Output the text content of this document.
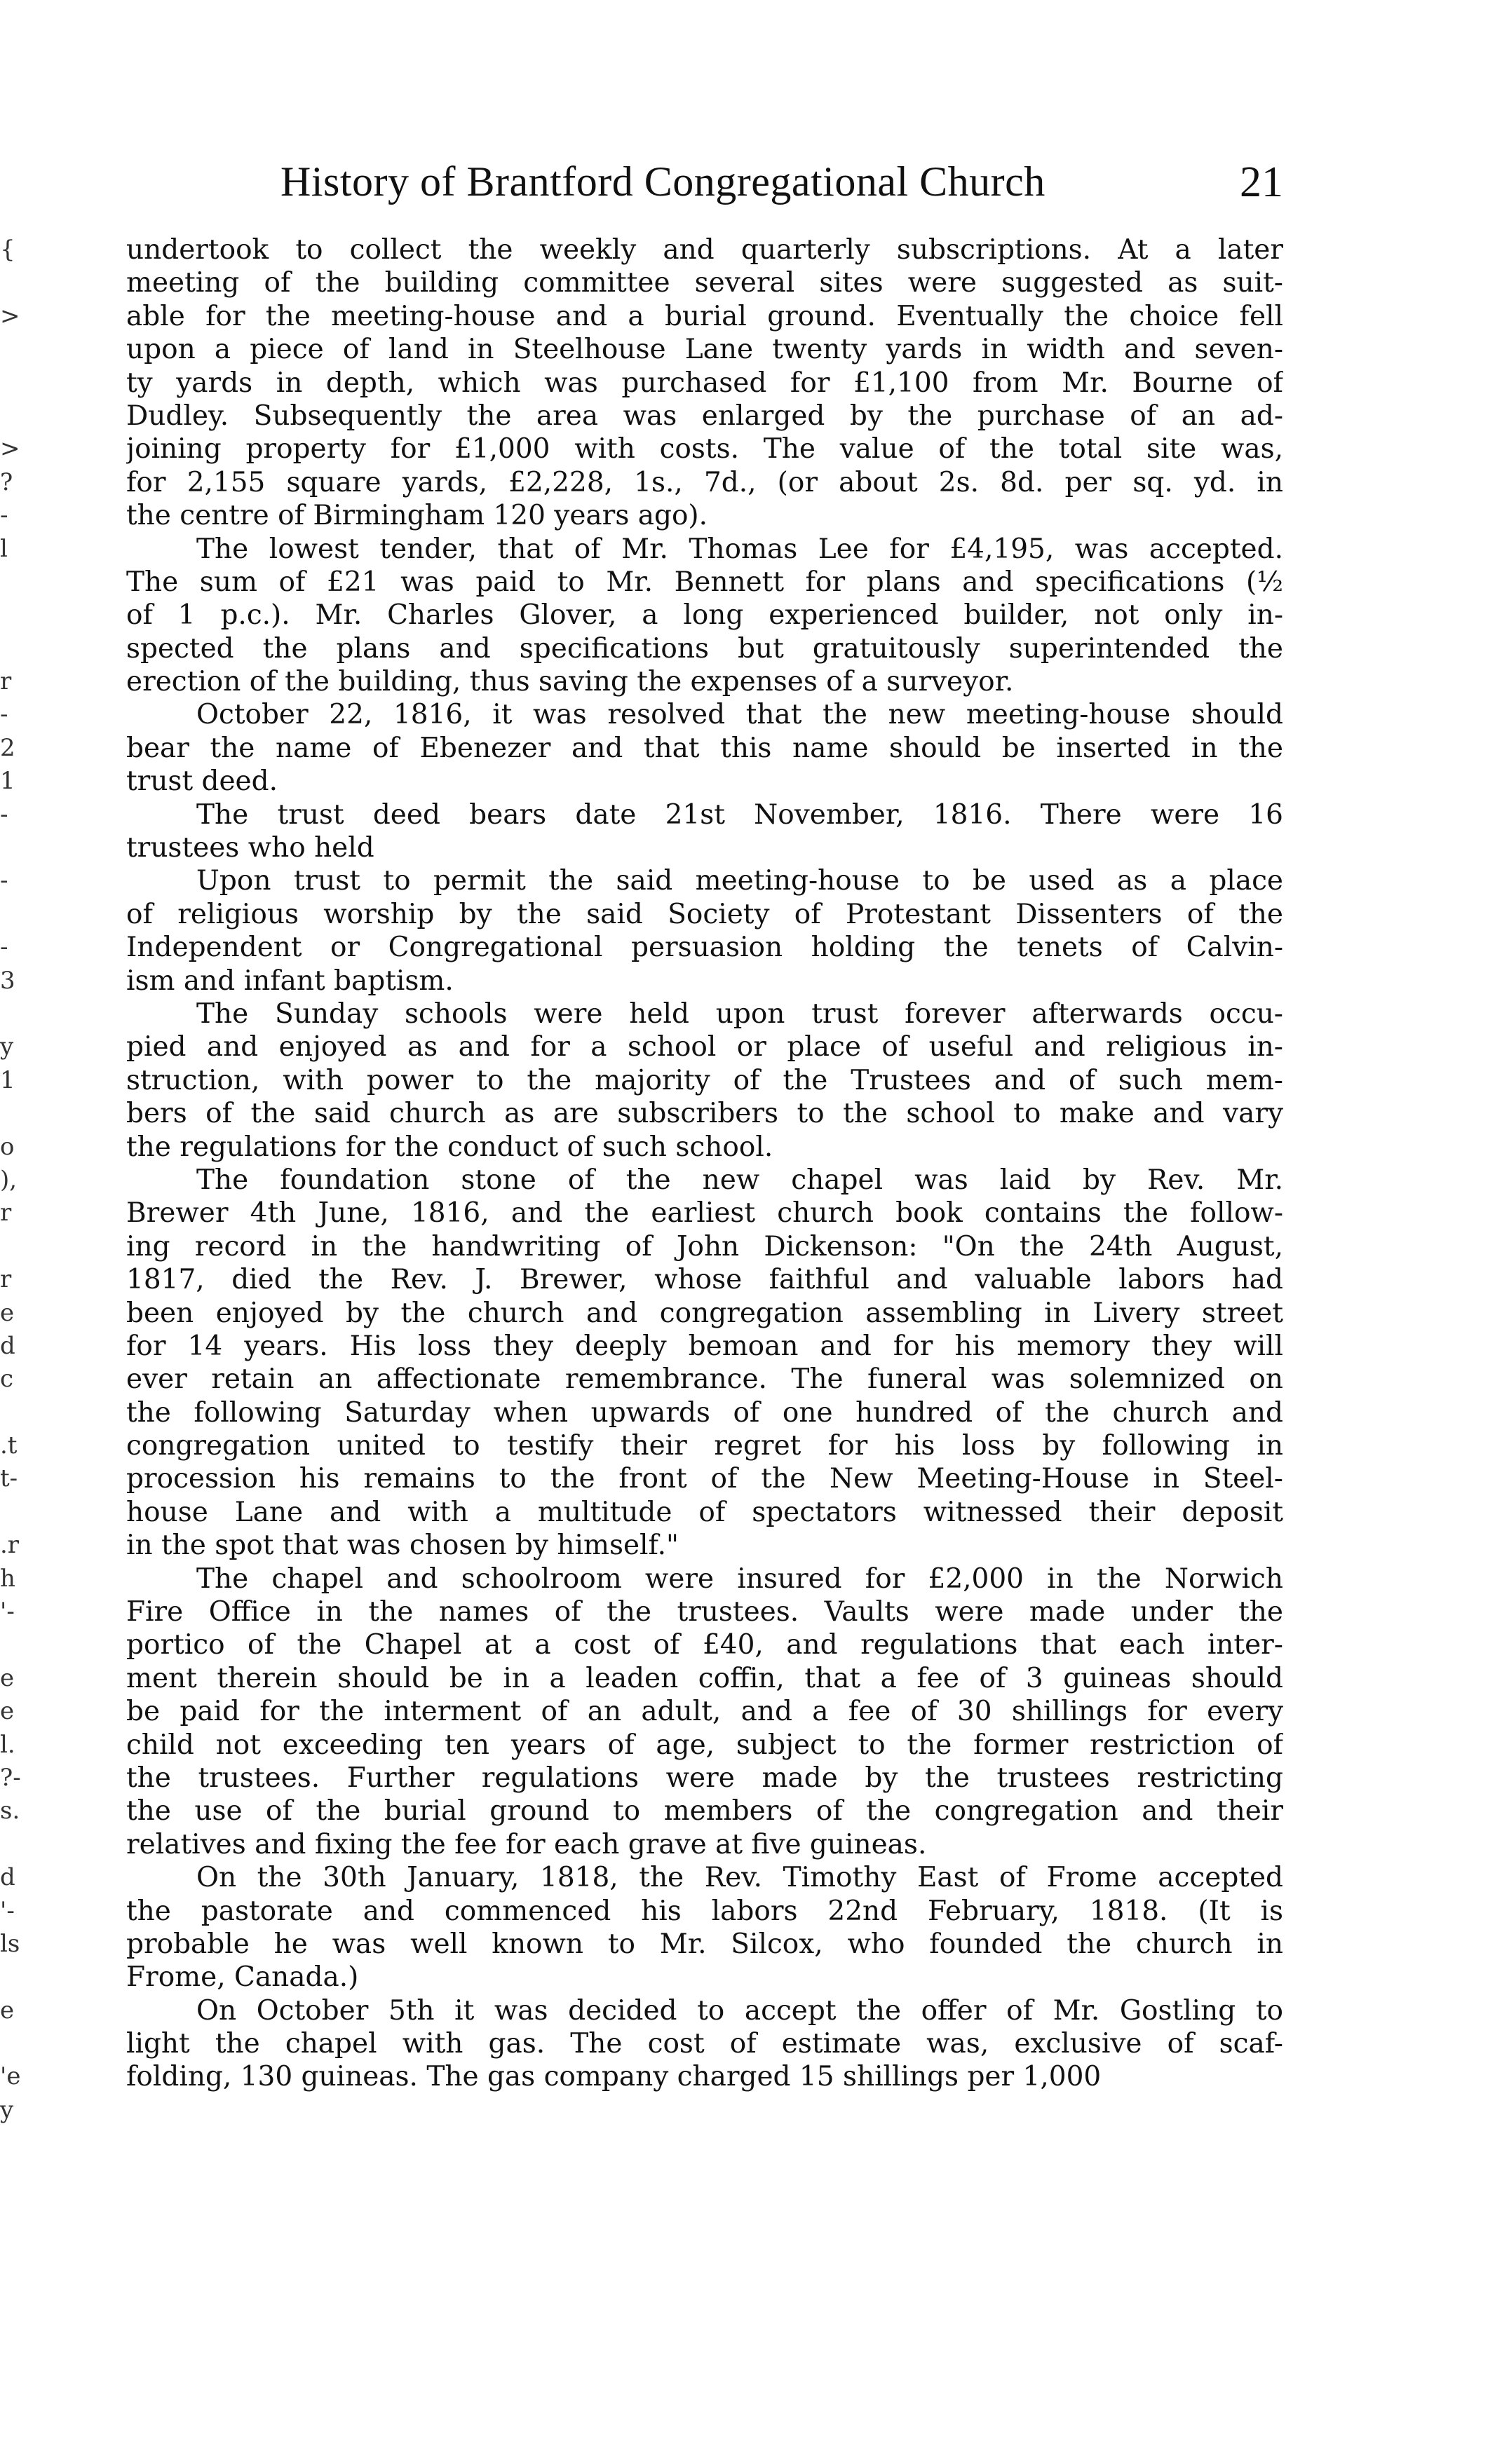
History of Brantford Congregational Church	21
{
>
>
?
-
l
r
-
2
1
-
-
-
3
y
1
o
),
r
r
e
d
c
.t
t-
.r
h
'-
e
e
l.
?-
s.
d
'-
ls
e
'e
y
undertook to collect the weekly and quarterly subscriptions. At a later
meeting of the building committee several sites were suggested as suit-
able for the meeting-house and a burial ground. Eventually the choice fell
upon a piece of land in Steelhouse Lane twenty yards in width and seven-
ty yards in depth, which was purchased for £1,100 from Mr. Bourne of
Dudley. Subsequently the area was enlarged by the purchase of an ad-
joining property for £1,000 with costs. The value of the total site was,
for 2,155 square yards, £2,228, 1s., 7d., (or about 2s. 8d. per sq. yd. in
the centre of Birmingham 120 years ago).
The lowest tender, that of Mr. Thomas Lee for £4,195, was accepted.
The sum of £21 was paid to Mr. Bennett for plans and specifications (½
of 1 p.c.). Mr. Charles Glover, a long experienced builder, not only in-
spected the plans and specifications but gratuitously superintended the
erection of the building, thus saving the expenses of a surveyor.
October 22, 1816, it was resolved that the new meeting-house should
bear the name of Ebenezer and that this name should be inserted in the
trust deed.
The trust deed bears date 21st November, 1816. There were 16
trustees who held
Upon trust to permit the said meeting-house to be used as a place
of religious worship by the said Society of Protestant Dissenters of the
Independent or Congregational persuasion holding the tenets of Calvin-
ism and infant baptism.
The Sunday schools were held upon trust forever afterwards occu-
pied and enjoyed as and for a school or place of useful and religious in-
struction, with power to the majority of the Trustees and of such mem-
bers of the said church as are subscribers to the school to make and vary
the regulations for the conduct of such school.
The foundation stone of the new chapel was laid by Rev. Mr.
Brewer 4th June, 1816, and the earliest church book contains the follow-
ing record in the handwriting of John Dickenson: "On the 24th August,
1817, died the Rev. J. Brewer, whose faithful and valuable labors had
been enjoyed by the church and congregation assembling in Livery street
for 14 years. His loss they deeply bemoan and for his memory they will
ever retain an affectionate remembrance. The funeral was solemnized on
the following Saturday when upwards of one hundred of the church and
congregation united to testify their regret for his loss by following in
procession his remains to the front of the New Meeting-House in Steel-
house Lane and with a multitude of spectators witnessed their deposit
in the spot that was chosen by himself."
The chapel and schoolroom were insured for £2,000 in the Norwich
Fire Office in the names of the trustees. Vaults were made under the
portico of the Chapel at a cost of £40, and regulations that each inter-
ment therein should be in a leaden coffin, that a fee of 3 guineas should
be paid for the interment of an adult, and a fee of 30 shillings for every
child not exceeding ten years of age, subject to the former restriction of
the trustees. Further regulations were made by the trustees restricting
the use of the burial ground to members of the congregation and their
relatives and fixing the fee for each grave at five guineas.
On the 30th January, 1818, the Rev. Timothy East of Frome accepted
the pastorate and commenced his labors 22nd February, 1818. (It is
probable he was well known to Mr. Silcox, who founded the church in
Frome, Canada.)
On October 5th it was decided to accept the offer of Mr. Gostling to
light the chapel with gas. The cost of estimate was, exclusive of scaf-
folding, 130 guineas. The gas company charged 15 shillings per 1,000
